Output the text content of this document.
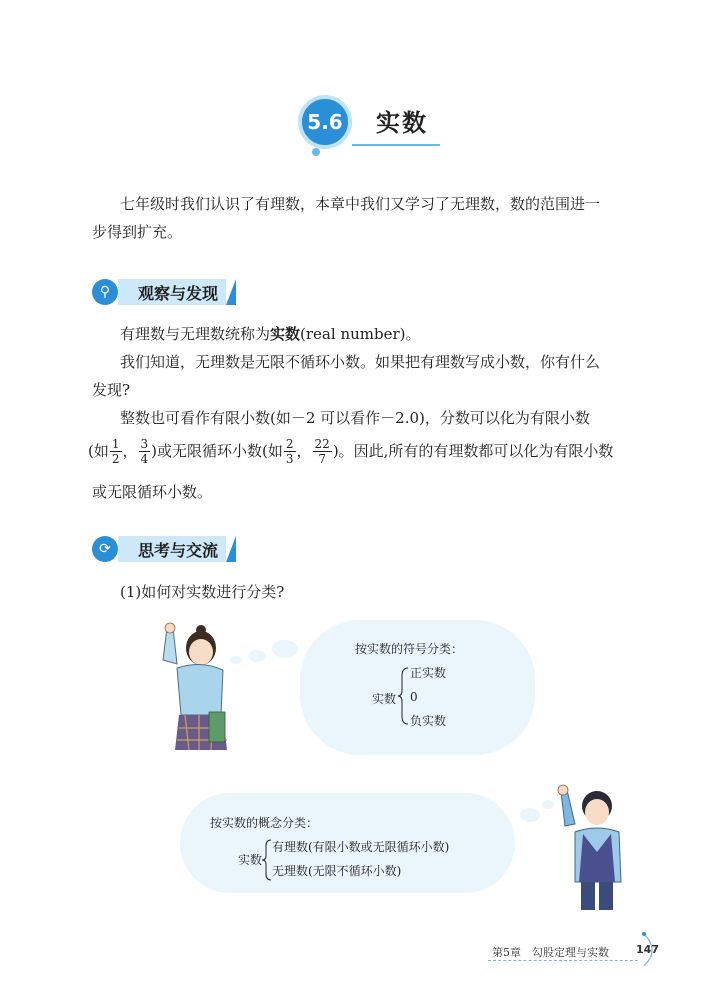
5.6 实数
七年级时我们认识了有理数，本章中我们又学习了无理数，数的范围进一
步得到扩充。
⚲	观察与发现
有理数与无理数统称为实数(real number)。
我们知道，无理数是无限不循环小数。如果把有理数写成小数，你有什么
发现?
整数也可看作有限小数(如－2 可以看作－2.0)，分数可以化为有限小数
(如 $\frac{1}{2}$ ， $\frac{3}{4}$ )或无限循环小数(如 $\frac{2}{3}$ ， $\frac{22}{7}$ )。因此,所有的有理数都可以化为有限小数
或无限循环小数。
⟳	思考与交流
(1)如何对实数进行分类?
按实数的符号分类：
实数
正实数
0
负实数
按实数的概念分类：
实数
有理数(有限小数或无限循环小数)
无理数(无限不循环小数)
第5章　勾股定理与实数 147
